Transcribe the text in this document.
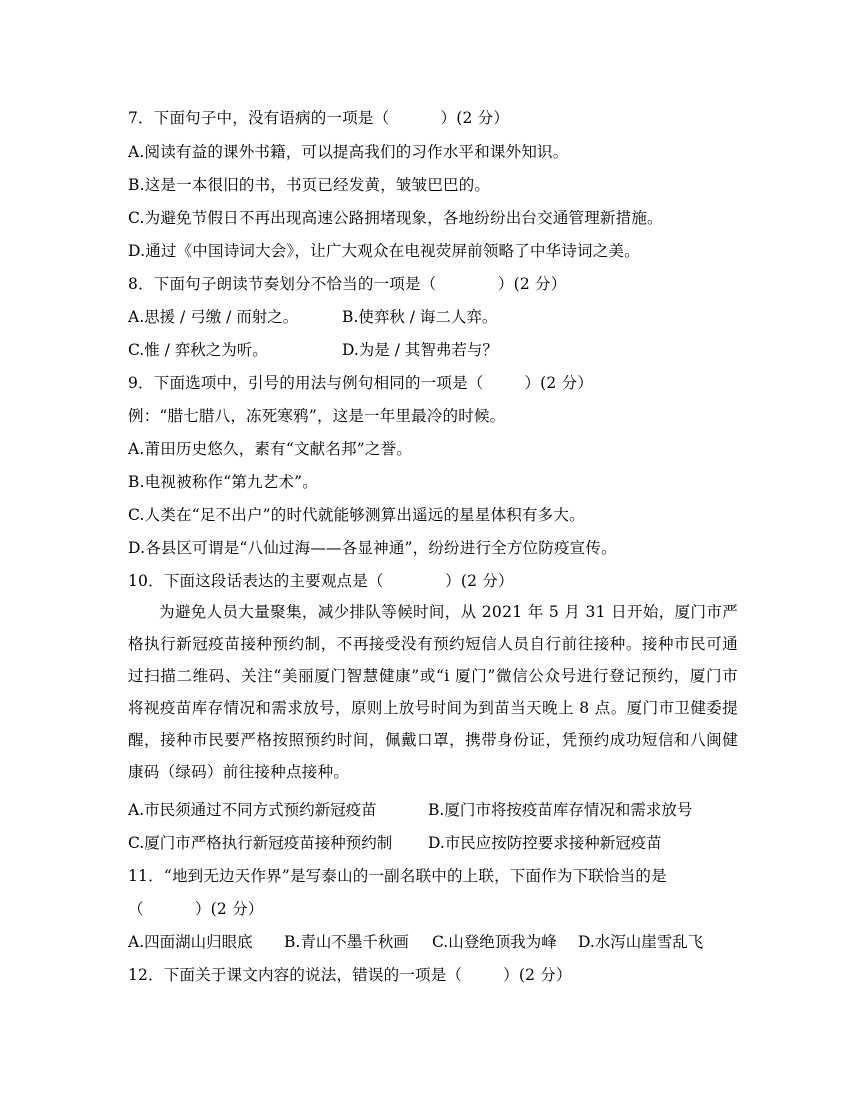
7．下面句子中，没有语病的一项是（          ）(2 分）
A.阅读有益的课外书籍，可以提高我们的习作水平和课外知识。
B.这是一本很旧的书，书页已经发黄，皱皱巴巴的。
C.为避免节假日不再出现高速公路拥堵现象，各地纷纷出台交通管理新措施。
D.通过《中国诗词大会》，让广大观众在电视荧屏前领略了中华诗词之美。
8．下面句子朗读节奏划分不恰当的一项是（            ）(2 分）
A.思援 / 弓缴 / 而射之。	B.使弈秋 / 诲二人弈。
C.惟 / 弈秋之为听。	D.为是 / 其智弗若与？
9．下面选项中，引号的用法与例句相同的一项是（        ）(2 分）
例：“腊七腊八，冻死寒鸦”，这是一年里最冷的时候。
A.莆田历史悠久，素有“文献名邦”之誉。
B.电视被称作“第九艺术”。
C.人类在“足不出户”的时代就能够测算出遥远的星星体积有多大。
D.各县区可谓是“八仙过海——各显神通”，纷纷进行全方位防疫宣传。
10．下面这段话表达的主要观点是（            ）(2 分）
为避免人员大量聚集，减少排队等候时间，从 2021 年 5 月 31 日开始，厦门市严格执行新冠疫苗接种预约制，不再接受没有预约短信人员自行前往接种。接种市民可通过扫描二维码、关注“美丽厦门智慧健康”或“i 厦门”微信公众号进行登记预约，厦门市将视疫苗库存情况和需求放号，原则上放号时间为到苗当天晚上 8 点。厦门市卫健委提醒，接种市民要严格按照预约时间，佩戴口罩，携带身份证，凭预约成功短信和八闽健康码（绿码）前往接种点接种。
A.市民须通过不同方式预约新冠疫苗	B.厦门市将按疫苗库存情况和需求放号
C.厦门市严格执行新冠疫苗接种预约制 D.市民应按防控要求接种新冠疫苗
11．“地到无边天作界”是写泰山的一副名联中的上联，下面作为下联恰当的是
（          ）(2 分）
A.四面湖山归眼底 B.青山不墨千秋画 C.山登绝顶我为峰 D.水泻山崖雪乱飞
12．下面关于课文内容的说法，错误的一项是（        ）(2 分）
